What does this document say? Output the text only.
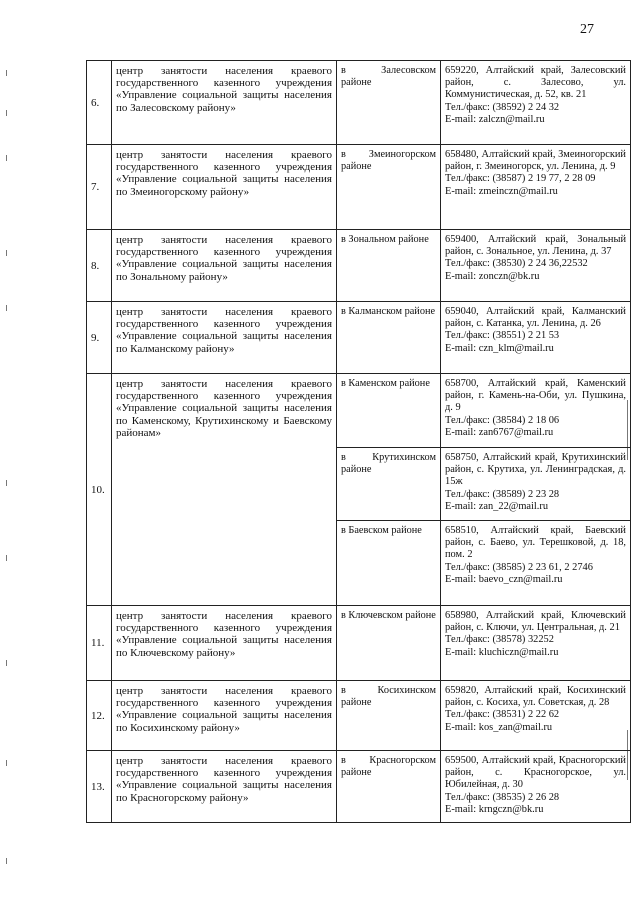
27
6.	центр занятости населения краевого государственного казенного учреждения «Управление социальной защиты населения по Залесовскому району»	в Залесовском районе	659220, Алтайский край, Залесовский район, с. Залесово, ул. Коммунистическая, д. 52, кв. 21
Тел./факс: (38592) 2 24 32
E-mail: zalczn@mail.ru

7.	центр занятости населения краевого государственного казенного учреждения «Управление социальной защиты населения по Змеиногорскому району»	в Змеиногорском районе	658480, Алтайский край, Змеиногорский район, г. Змеиногорск, ул. Ленина, д. 9
Тел./факс: (38587) 2 19 77, 2 28 09
E-mail: zmeinczn@mail.ru

8.	центр занятости населения краевого государственного казенного учреждения «Управление социальной защиты населения по Зональному району»	в Зональном районе	659400, Алтайский край, Зональный район, с. Зональное, ул. Ленина, д. 37
Тел./факс: (38530) 2 24 36,22532
E-mail: zonczn@bk.ru

9.	центр занятости населения краевого государственного казенного учреждения «Управление социальной защиты населения по Калманскому району»	в Калманском районе	659040, Алтайский край, Калманский район, с. Катанка, ул. Ленина, д. 26
Тел./факс: (38551) 2 21 53
E-mail: czn_klm@mail.ru

10.	центр занятости населения краевого государственного казенного учреждения «Управление социальной защиты населения по Каменскому, Крутихинскому и Баевскому районам»	в Каменском районе	658700, Алтайский край, Каменский район, г. Камень-на-Оби, ул. Пушкина, д. 9
Тел./факс: (38584) 2 18 06
E-mail: zan6767@mail.ru

		в Крутихинском районе	658750, Алтайский край, Крутихинский район, с. Крутиха, ул. Ленинградская, д. 15ж
Тел./факс: (38589) 2 23 28
E-mail: zan_22@mail.ru

		в Баевском районе	658510, Алтайский край, Баевский район, с. Баево, ул. Терешковой, д. 18, пом. 2
Тел./факс: (38585) 2 23 61, 2 2746
E-mail: baevo_czn@mail.ru

11.	центр занятости населения краевого государственного казенного учреждения «Управление социальной защиты населения по Ключевскому району»	в Ключевском районе	658980, Алтайский край, Ключевский район, с. Ключи, ул. Центральная, д. 21
Тел./факс: (38578) 32252
E-mail: kluchiczn@mail.ru

12.	центр занятости населения краевого государственного казенного учреждения «Управление социальной защиты населения по Косихинскому району»	в Косихинском районе	659820, Алтайский край, Косихинский район, с. Косиха, ул. Советская, д. 28
Тел./факс: (38531) 2 22 62
E-mail: kos_zan@mail.ru

13.	центр занятости населения краевого государственного казенного учреждения «Управление социальной защиты населения по Красногорскому району»	в Красногорском районе	659500, Алтайский край, Красногорский район, с. Красногорское, ул. Юбилейная, д. 30
Тел./факс: (38535) 2 26 28
E-mail: krngczn@bk.ru
